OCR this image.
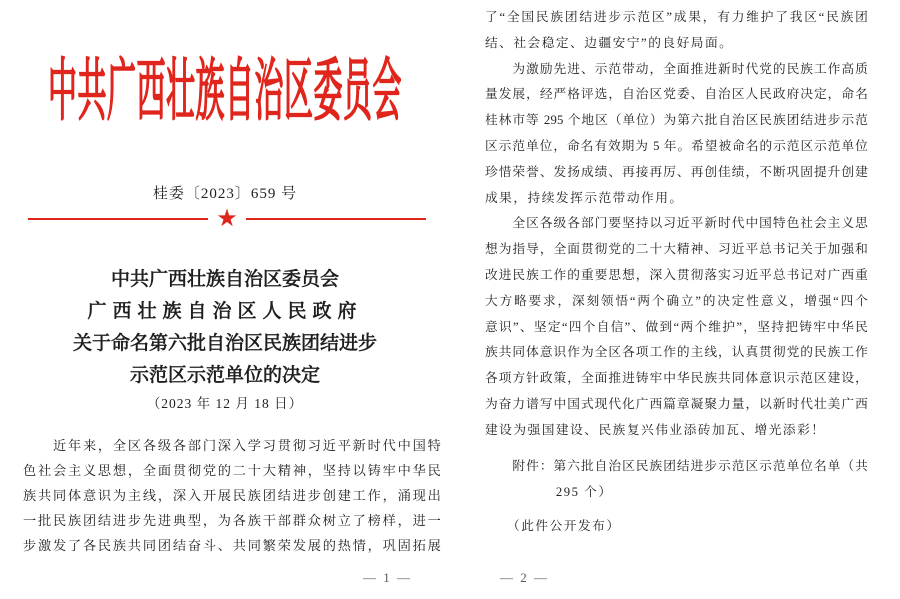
中共广西壮族自治区委员会
桂委〔2023〕659 号
★
中共广西壮族自治区委员会
广西壮族自治区人民政府
关于命名第六批自治区民族团结进步
示范区示范单位的决定
（2023 年 12 月 18 日）
　　近年来，全区各级各部门深入学习贯彻习近平新时代中国特
色社会主义思想，全面贯彻党的二十大精神，坚持以铸牢中华民
族共同体意识为主线，深入开展民族团结进步创建工作，涌现出
一批民族团结进步先进典型，为各族干部群众树立了榜样，进一
步激发了各民族共同团结奋斗、共同繁荣发展的热情，巩固拓展
— 1 —
了“全国民族团结进步示范区”成果，有力维护了我区“民族团
结、社会稳定、边疆安宁”的良好局面。
　　为激励先进、示范带动，全面推进新时代党的民族工作高质
量发展，经严格评选，自治区党委、自治区人民政府决定，命名
桂林市等 295 个地区（单位）为第六批自治区民族团结进步示范
区示范单位，命名有效期为 5 年。希望被命名的示范区示范单位
珍惜荣誉、发扬成绩、再接再厉、再创佳绩，不断巩固提升创建
成果，持续发挥示范带动作用。
　　全区各级各部门要坚持以习近平新时代中国特色社会主义思
想为指导，全面贯彻党的二十大精神、习近平总书记关于加强和
改进民族工作的重要思想，深入贯彻落实习近平总书记对广西重
大方略要求，深刻领悟“两个确立”的决定性意义，增强“四个
意识”、坚定“四个自信”、做到“两个维护”，坚持把铸牢中华民
族共同体意识作为全区各项工作的主线，认真贯彻党的民族工作
各项方针政策，全面推进铸牢中华民族共同体意识示范区建设，
为奋力谱写中国式现代化广西篇章凝聚力量，以新时代壮美广西
建设为强国建设、民族复兴伟业添砖加瓦、增光添彩！
　　附件：第六批自治区民族团结进步示范区示范单位名单（共
　　　　　295 个）
　　（此件公开发布）
— 2 —
